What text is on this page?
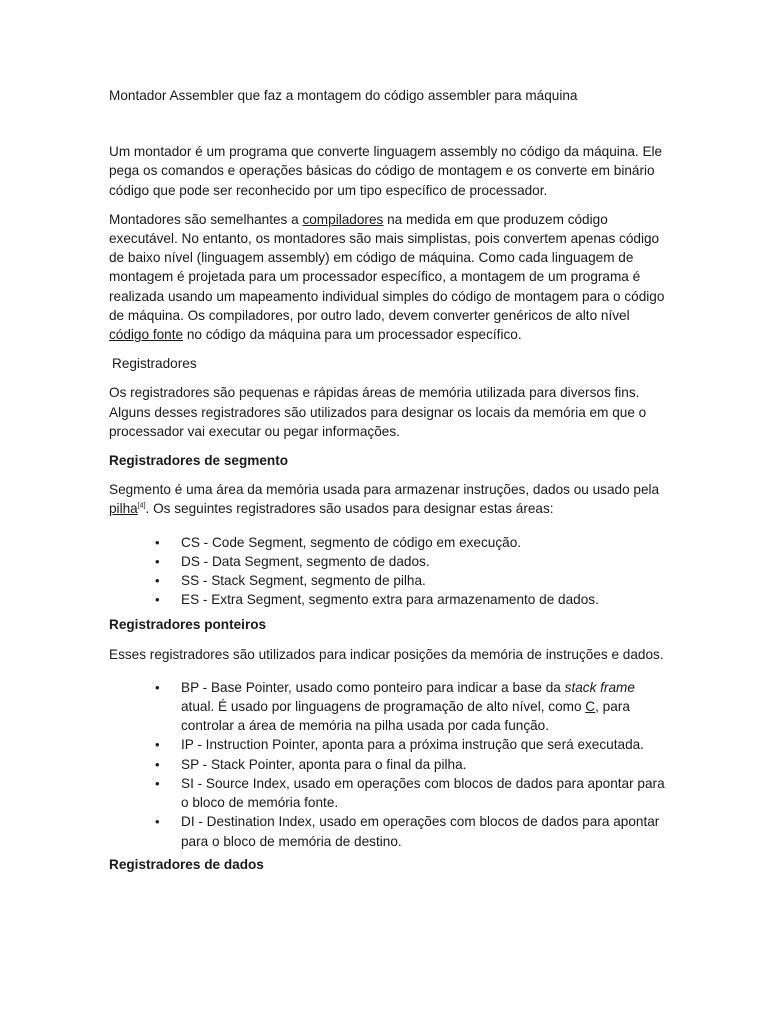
Montador Assembler que faz a montagem do código assembler para máquina

Um montador é um programa que converte linguagem assembly no código da máquina. Ele pega os comandos e operações básicas do código de montagem e os converte em binário código que pode ser reconhecido por um tipo específico de processador.

Montadores são semelhantes a compiladores na medida em que produzem código executável. No entanto, os montadores são mais simplistas, pois convertem apenas código de baixo nível (linguagem assembly) em código de máquina. Como cada linguagem de montagem é projetada para um processador específico, a montagem de um programa é realizada usando um mapeamento individual simples do código de montagem para o código de máquina. Os compiladores, por outro lado, devem converter genéricos de alto nível código fonte no código da máquina para um processador específico.

Registradores

Os registradores são pequenas e rápidas áreas de memória utilizada para diversos fins. Alguns desses registradores são utilizados para designar os locais da memória em que o processador vai executar ou pegar informações.

Registradores de segmento

Segmento é uma área da memória usada para armazenar instruções, dados ou usado pela pilha[4]. Os seguintes registradores são usados para designar estas áreas:

• CS - Code Segment, segmento de código em execução.
• DS - Data Segment, segmento de dados.
• SS - Stack Segment, segmento de pilha.
• ES - Extra Segment, segmento extra para armazenamento de dados.

Registradores ponteiros

Esses registradores são utilizados para indicar posições da memória de instruções e dados.

• BP - Base Pointer, usado como ponteiro para indicar a base da stack frame atual. É usado por linguagens de programação de alto nível, como C, para controlar a área de memória na pilha usada por cada função.
• IP - Instruction Pointer, aponta para a próxima instrução que será executada.
• SP - Stack Pointer, aponta para o final da pilha.
• SI - Source Index, usado em operações com blocos de dados para apontar para o bloco de memória fonte.
• DI - Destination Index, usado em operações com blocos de dados para apontar para o bloco de memória de destino.

Registradores de dados
